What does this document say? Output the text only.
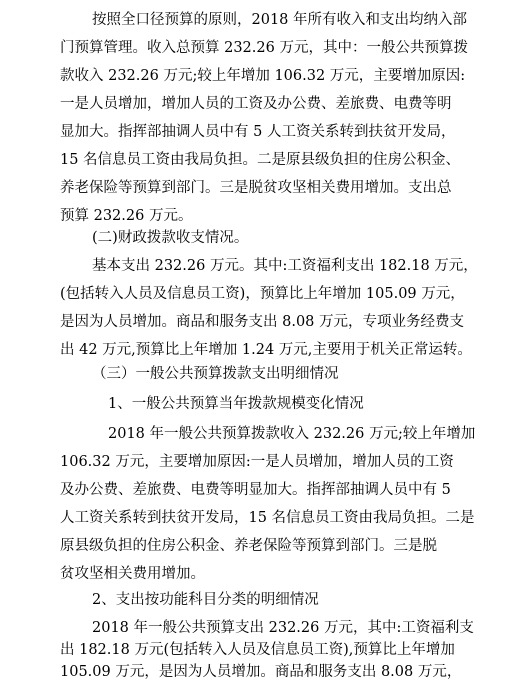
按照全口径预算的原则，2018 年所有收入和支出均纳入部
门预算管理。收入总预算 232.26 万元，其中：一般公共预算拨
款收入 232.26 万元;较上年增加 106.32 万元，主要增加原因:
一是人员增加，增加人员的工资及办公费、差旅费、电费等明
显加大。指挥部抽调人员中有 5 人工资关系转到扶贫开发局，
15 名信息员工资由我局负担。二是原县级负担的住房公积金、
养老保险等预算到部门。三是脱贫攻坚相关费用增加。支出总
预算 232.26 万元。
(二)财政拨款收支情况。
基本支出 232.26 万元。其中:工资福利支出 182.18 万元，
(包括转入人员及信息员工资)，预算比上年增加 105.09 万元，
是因为人员增加。商品和服务支出 8.08 万元，专项业务经费支
出 42 万元,预算比上年增加 1.24 万元,主要用于机关正常运转。
（三）一般公共预算拨款支出明细情况
1、一般公共预算当年拨款规模变化情况
2018 年一般公共预算拨款收入 232.26 万元;较上年增加
106.32 万元，主要增加原因:一是人员增加，增加人员的工资
及办公费、差旅费、电费等明显加大。指挥部抽调人员中有 5
人工资关系转到扶贫开发局，15 名信息员工资由我局负担。二是
原县级负担的住房公积金、养老保险等预算到部门。三是脱
贫攻坚相关费用增加。
2、支出按功能科目分类的明细情况
2018 年一般公共预算支出 232.26 万元，其中:工资福利支
出 182.18 万元(包括转入人员及信息员工资),预算比上年增加
105.09 万元，是因为人员增加。商品和服务支出 8.08 万元，
